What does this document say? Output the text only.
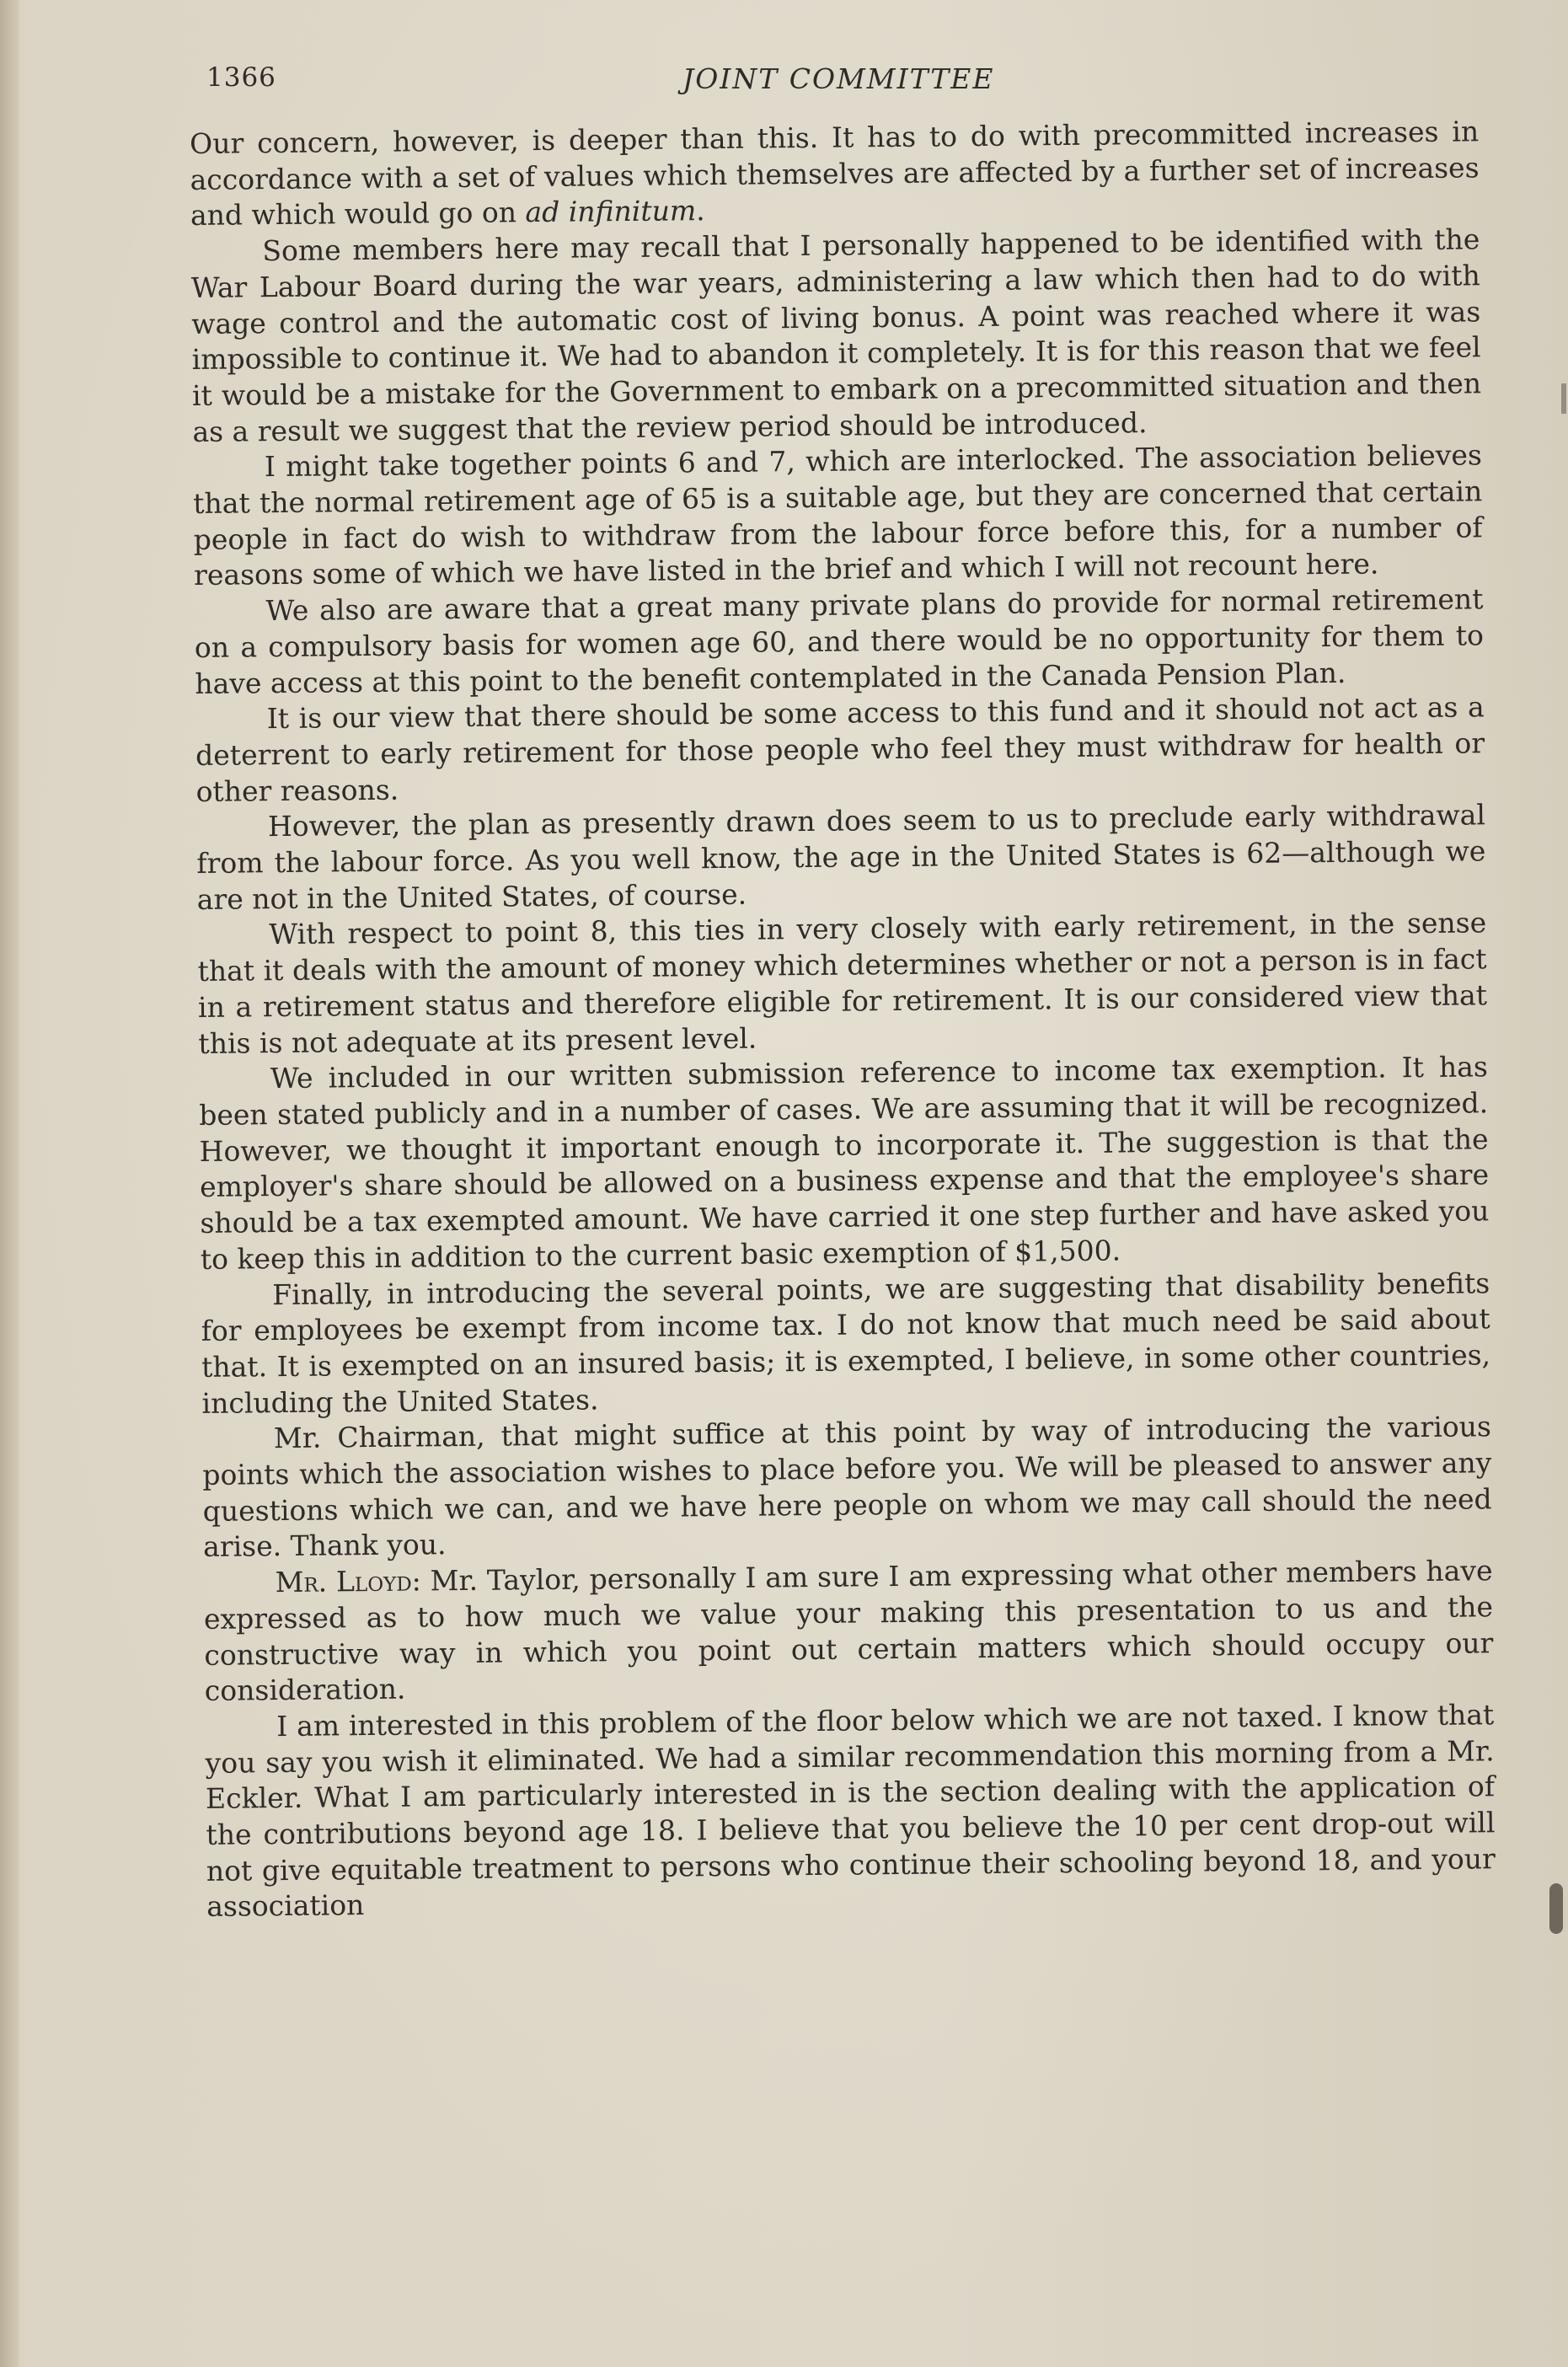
1366	JOINT COMMITTEE

Our concern, however, is deeper than this. It has to do with precommitted increases in accordance with a set of values which themselves are affected by a further set of increases and which would go on ad infinitum.

Some members here may recall that I personally happened to be identified with the War Labour Board during the war years, administering a law which then had to do with wage control and the automatic cost of living bonus. A point was reached where it was impossible to continue it. We had to abandon it completely. It is for this reason that we feel it would be a mistake for the Government to embark on a precommitted situation and then as a result we suggest that the review period should be introduced.

I might take together points 6 and 7, which are interlocked. The association believes that the normal retirement age of 65 is a suitable age, but they are concerned that certain people in fact do wish to withdraw from the labour force before this, for a number of reasons some of which we have listed in the brief and which I will not recount here.

We also are aware that a great many private plans do provide for normal retirement on a compulsory basis for women age 60, and there would be no opportunity for them to have access at this point to the benefit contemplated in the Canada Pension Plan.

It is our view that there should be some access to this fund and it should not act as a deterrent to early retirement for those people who feel they must withdraw for health or other reasons.

However, the plan as presently drawn does seem to us to preclude early withdrawal from the labour force. As you well know, the age in the United States is 62—although we are not in the United States, of course.

With respect to point 8, this ties in very closely with early retirement, in the sense that it deals with the amount of money which determines whether or not a person is in fact in a retirement status and therefore eligible for retirement. It is our considered view that this is not adequate at its present level.

We included in our written submission reference to income tax exemption. It has been stated publicly and in a number of cases. We are assuming that it will be recognized. However, we thought it important enough to incorporate it. The suggestion is that the employer's share should be allowed on a business expense and that the employee's share should be a tax exempted amount. We have carried it one step further and have asked you to keep this in addition to the current basic exemption of $1,500.

Finally, in introducing the several points, we are suggesting that disability benefits for employees be exempt from income tax. I do not know that much need be said about that. It is exempted on an insured basis; it is exempted, I believe, in some other countries, including the United States.

Mr. Chairman, that might suffice at this point by way of introducing the various points which the association wishes to place before you. We will be pleased to answer any questions which we can, and we have here people on whom we may call should the need arise. Thank you.

Mr. Lloyd: Mr. Taylor, personally I am sure I am expressing what other members have expressed as to how much we value your making this presentation to us and the constructive way in which you point out certain matters which should occupy our consideration.

I am interested in this problem of the floor below which we are not taxed. I know that you say you wish it eliminated. We had a similar recommendation this morning from a Mr. Eckler. What I am particularly interested in is the section dealing with the application of the contributions beyond age 18. I believe that you believe the 10 per cent drop-out will not give equitable treatment to persons who continue their schooling beyond 18, and your association
